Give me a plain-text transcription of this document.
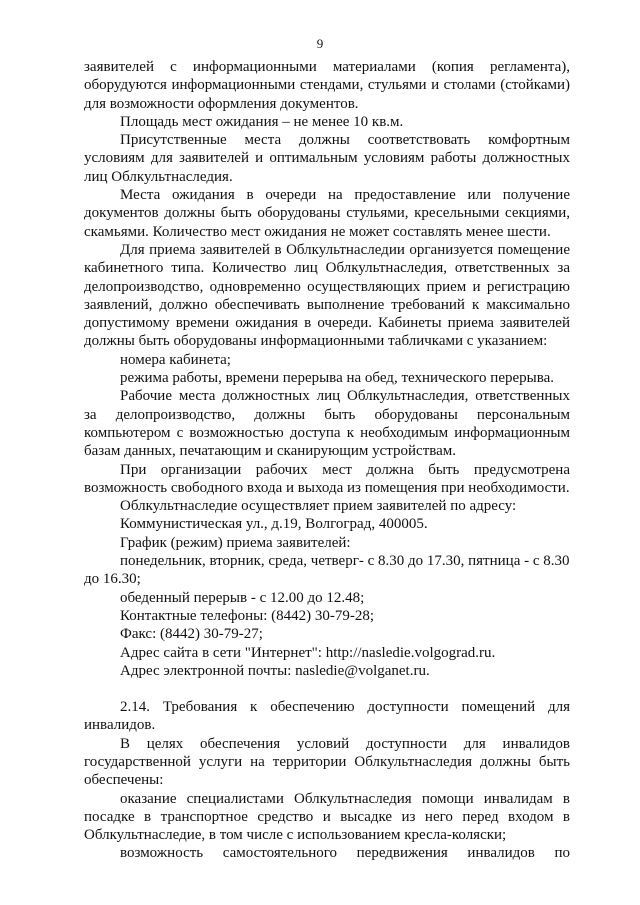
9

заявителей с информационными материалами (копия регламента), оборудуются информационными стендами, стульями и столами (стойками) для возможности оформления документов.

Площадь мест ожидания – не менее 10 кв.м.

Присутственные места должны соответствовать комфортным условиям для заявителей и оптимальным условиям работы должностных лиц Облкультнаследия.

Места ожидания в очереди на предоставление или получение документов должны быть оборудованы стульями, кресельными секциями, скамьями. Количество мест ожидания не может составлять менее шести.

Для приема заявителей в Облкультнаследии организуется помещение кабинетного типа. Количество лиц Облкультнаследия, ответственных за делопроизводство, одновременно осуществляющих прием и регистрацию заявлений, должно обеспечивать выполнение требований к максимально допустимому времени ожидания в очереди. Кабинеты приема заявителей должны быть оборудованы информационными табличками с указанием:

номера кабинета;

режима работы, времени перерыва на обед, технического перерыва.

Рабочие места должностных лиц Облкультнаследия, ответственных за делопроизводство, должны быть оборудованы персональным компьютером с возможностью доступа к необходимым информационным базам данных, печатающим и сканирующим устройствам.

При организации рабочих мест должна быть предусмотрена возможность свободного входа и выхода из помещения при необходимости.

Облкультнаследие осуществляет прием заявителей по адресу:

Коммунистическая ул., д.19, Волгоград, 400005.

График (режим) приема заявителей:

понедельник, вторник, среда, четверг- с 8.30 до 17.30, пятница - с 8.30 до 16.30;

обеденный перерыв - с 12.00 до 12.48;

Контактные телефоны: (8442) 30-79-28;

Факс: (8442) 30-79-27;

Адрес сайта в сети "Интернет": http://nasledie.volgograd.ru.

Адрес электронной почты: nasledie@volganet.ru.

2.14. Требования к обеспечению доступности помещений для инвалидов.

В целях обеспечения условий доступности для инвалидов государственной услуги на территории Облкультнаследия должны быть обеспечены:

оказание специалистами Облкультнаследия помощи инвалидам в посадке в транспортное средство и высадке из него перед входом в Облкультнаследие, в том числе с использованием кресла-коляски;

возможность самостоятельного передвижения инвалидов по
